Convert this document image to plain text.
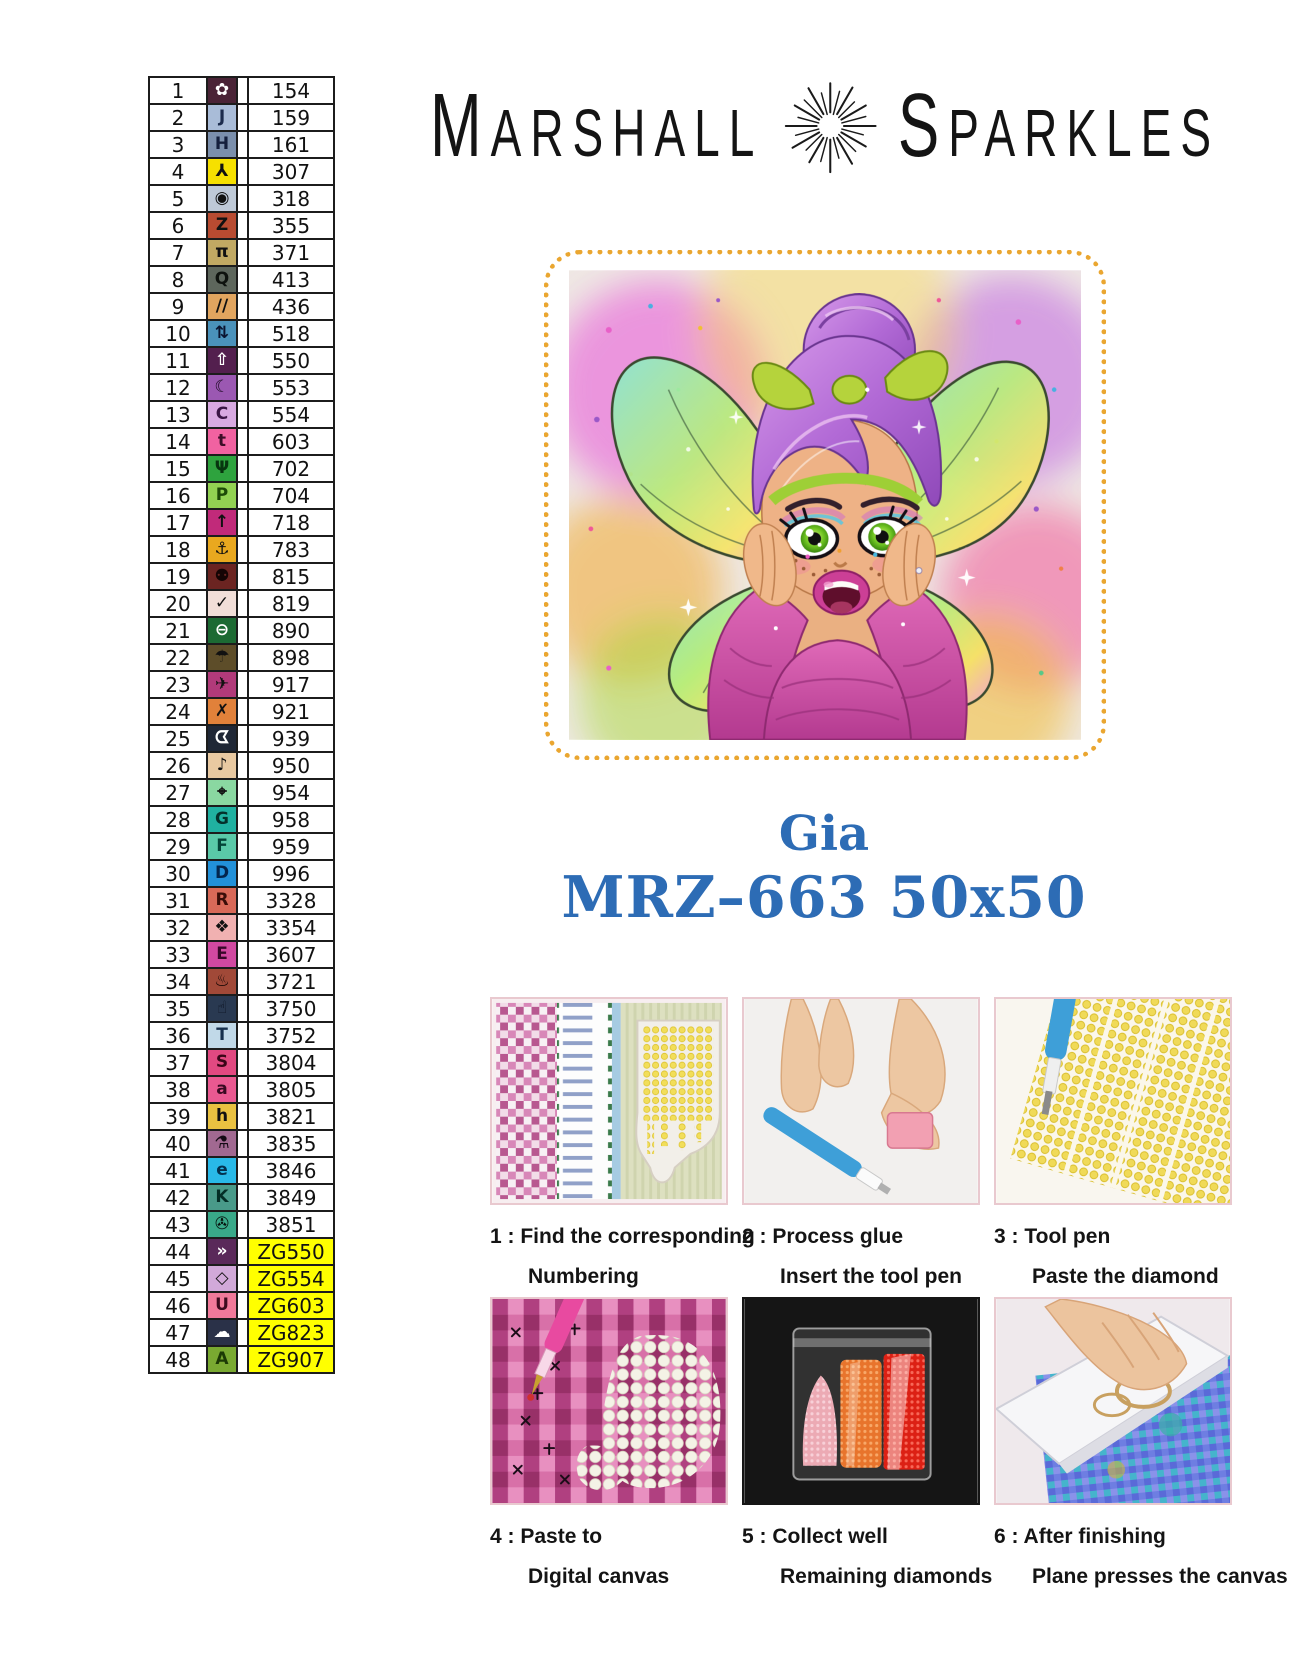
1	✿		154
2	J		159
3	H		161
4	⅄		307
5	◉		318
6	Z		355
7	π		371
8	Q		413
9	∕∕		436
10	⇅		518
11	⇧		550
12	☾		553
13	C		554
14	t		603
15	Ψ		702
16	P		704
17	↑		718
18	⚓		783
19	⚉		815
20	✓		819
21	⊖		890
22	☂		898
23	✈		917
24	✗		921
25	ᗧ		939
26	♪		950
27	⌖		954
28	G		958
29	F		959
30	D		996
31	R		3328
32	❖		3354
33	E		3607
34	♨		3721
35	☝		3750
36	T		3752
37	S		3804
38	a		3805
39	h		3821
40	⚗		3835
41	e		3846
42	K		3849
43	✇		3851
44	»		ZG550
45	◇		ZG554
46	U		ZG603
47	☁		ZG823
48	A		ZG907
MARSHALL	SPARKLES
Gia
MRZ–663 50x50
1 : Find the corresponding
Numbering
2 : Process glue
Insert the tool pen
3 : Tool pen
Paste the diamond
4 : Paste to
Digital canvas
5 : Collect well
Remaining diamonds
6 : After finishing
Plane presses the canvas
